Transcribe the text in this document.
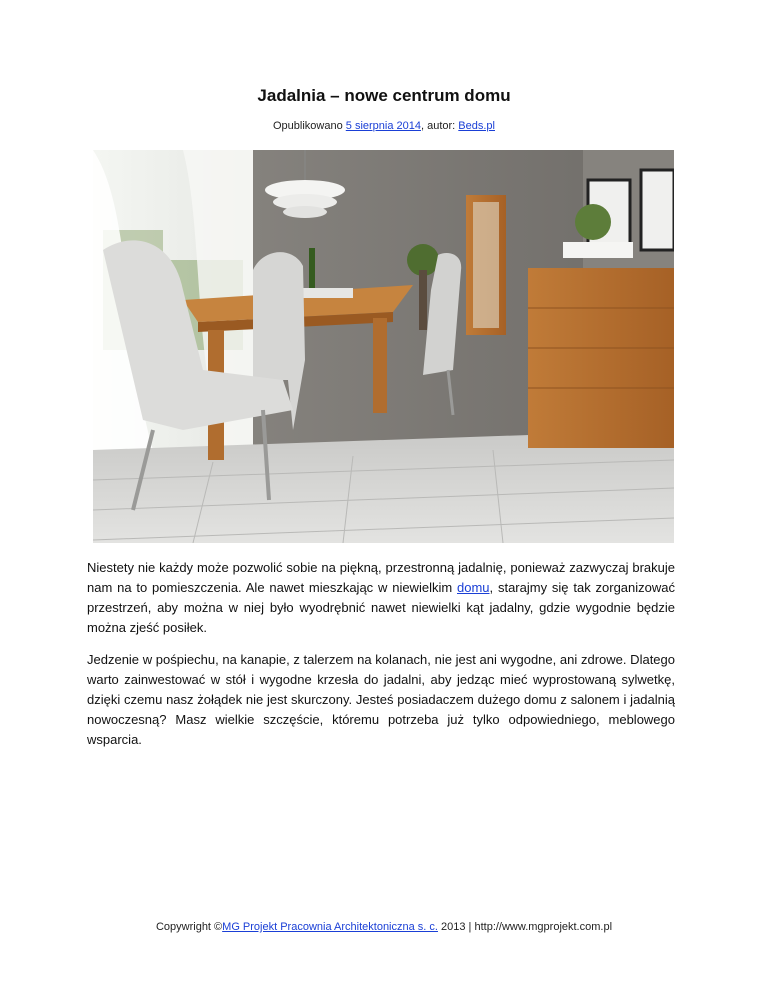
Jadalnia – nowe centrum domu
Opublikowano 5 sierpnia 2014, autor: Beds.pl

Niestety nie każdy może pozwolić sobie na piękną, przestronną jadalnię, ponieważ zazwyczaj brakuje nam na to pomieszczenia. Ale nawet mieszkając w niewielkim domu, starajmy się tak zorganizować przestrzeń, aby można w niej było wyodrębnić nawet niewielki kąt jadalny, gdzie wygodnie będzie można zjeść posiłek.

Jedzenie w pośpiechu, na kanapie, z talerzem na kolanach, nie jest ani wygodne, ani zdrowe. Dlatego warto zainwestować w stół i wygodne krzesła do jadalni, aby jedząc mieć wyprostowaną sylwetkę, dzięki czemu nasz żołądek nie jest skurczony. Jesteś posiadaczem dużego domu z salonem i jadalnią nowoczesną? Masz wielkie szczęście, któremu potrzeba już tylko odpowiedniego, meblowego wsparcia.

Copywright ©MG Projekt Pracownia Architektoniczna s. c. 2013 | http://www.mgprojekt.com.pl
